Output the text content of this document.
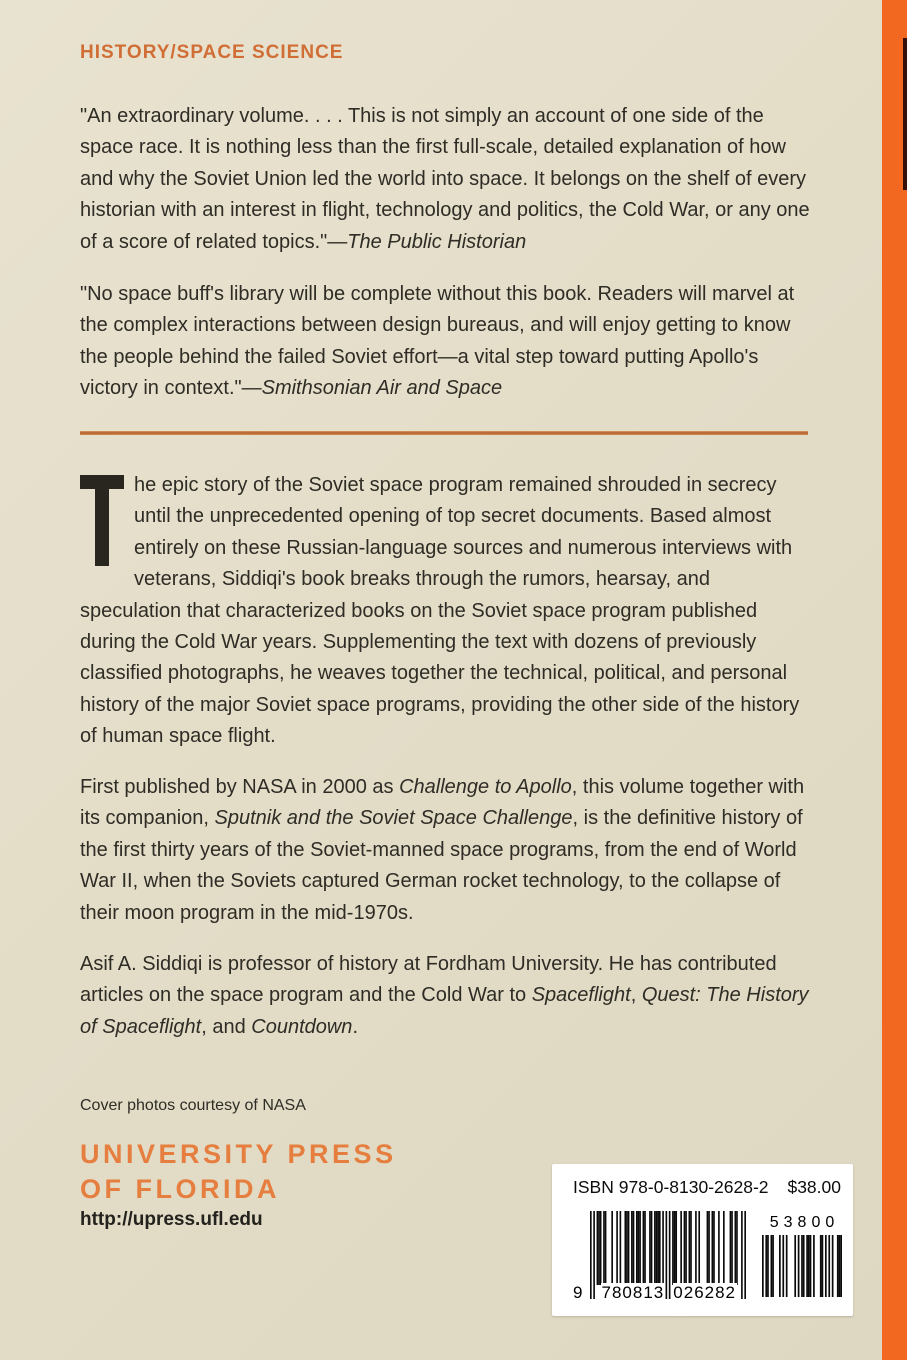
HISTORY/SPACE SCIENCE
"An extraordinary volume. . . . This is not simply an account of one side of the space race. It is nothing less than the first full-scale, detailed explanation of how and why the Soviet Union led the world into space. It belongs on the shelf of every historian with an interest in flight, technology and politics, the Cold War, or any one of a score of related topics."—The Public Historian
"No space buff's library will be complete without this book. Readers will marvel at the complex interactions between design bureaus, and will enjoy getting to know the people behind the failed Soviet effort—a vital step toward putting Apollo's victory in context."—Smithsonian Air and Space

he epic story of the Soviet space program remained shrouded in secrecy until the unprecedented opening of top secret documents. Based almost entirely on these Russian-language sources and numerous interviews with veterans, Siddiqi's book breaks through the rumors, hearsay, and speculation that characterized books on the Soviet space program published during the Cold War years. Supplementing the text with dozens of previously classified photographs, he weaves together the technical, political, and personal history of the major Soviet space programs, providing the other side of the history of human space flight.

First published by NASA in 2000 as Challenge to Apollo, this volume together with its companion, Sputnik and the Soviet Space Challenge, is the definitive history of the first thirty years of the Soviet-manned space programs, from the end of World War II, when the Soviets captured German rocket technology, to the collapse of their moon program in the mid-1970s.

Asif A. Siddiqi is professor of history at Fordham University. He has contributed articles on the space program and the Cold War to Spaceflight, Quest: The History of Spaceflight, and Countdown.

Cover photos courtesy of NASA
UNIVERSITY PRESS
OF FLORIDA
http://upress.ufl.edu
ISBN 978-0-8130-2628-2 $38.00
9 780813 026282
53800
